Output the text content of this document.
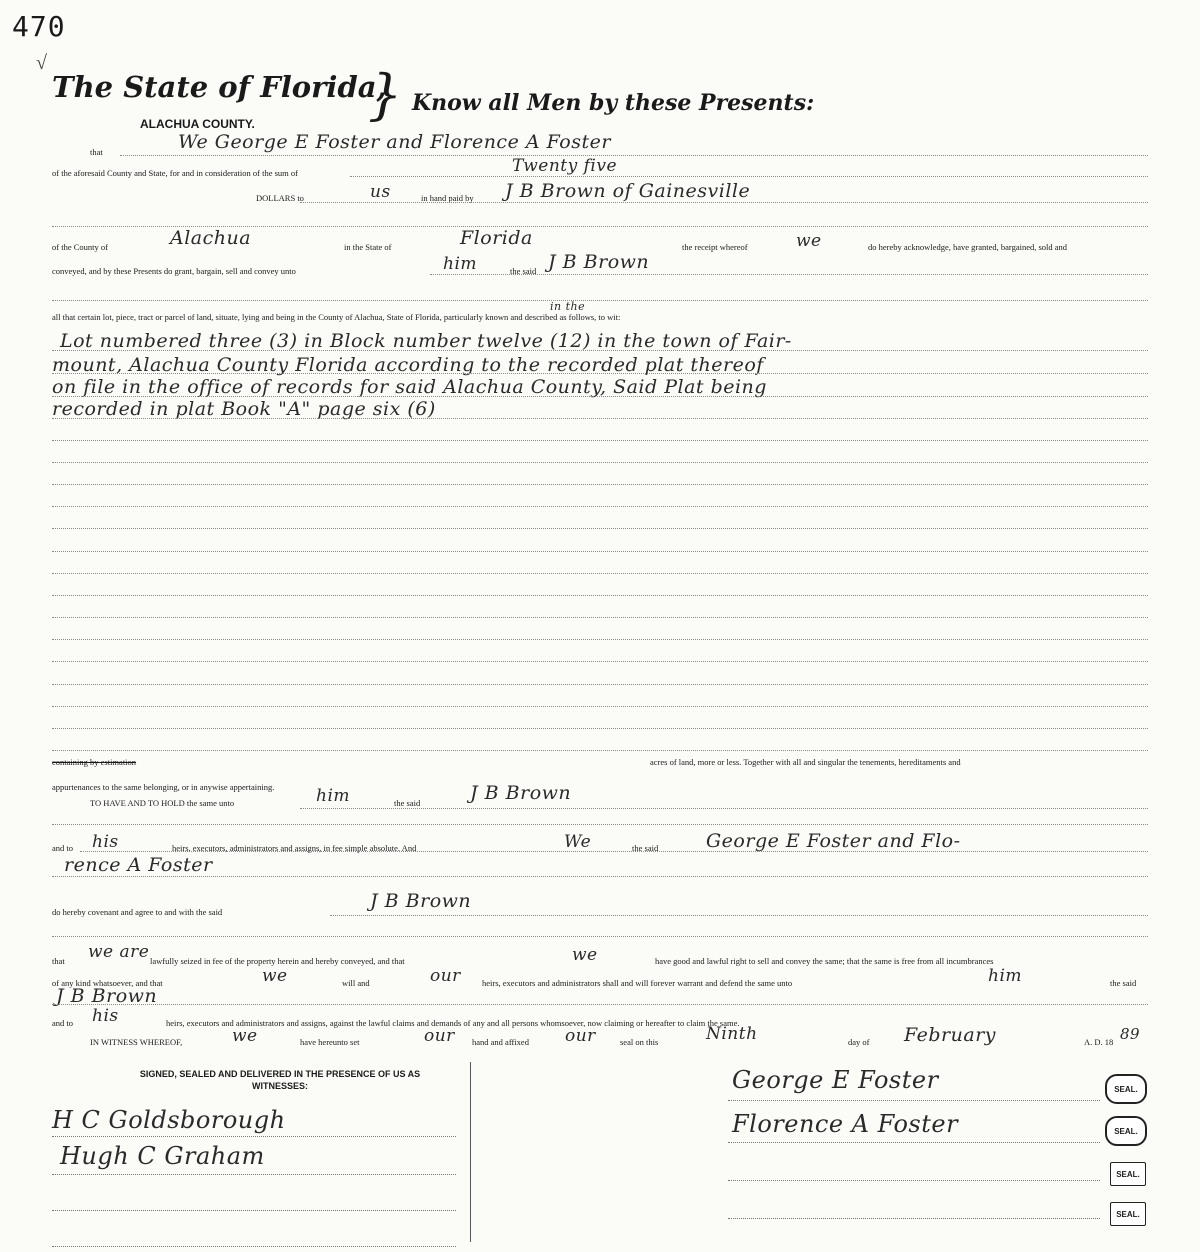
470
√
The State of Florida,
} Know all Men by these Presents:
ALACHUA COUNTY.
that	We George E Foster and Florence A Foster
of the aforesaid County and State, for and in consideration of the sum of	Twenty five
DOLLARS to	us	in hand paid by J B Brown of Gainesville
of the County of	Alachua	in the State of	Florida	the receipt whereof	we	do hereby acknowledge, have granted, bargained, sold and
conveyed, and by these Presents do grant, bargain, sell and convey unto	him	the said J B Brown
in the
all that certain lot, piece, tract or parcel of land, situate, lying and being in the County of Alachua, State of Florida, particularly known and described as follows, to wit:
Lot numbered three (3) in Block number twelve (12) in the town of Fair-
mount, Alachua County Florida according to the recorded plat thereof
on file in the office of records for said Alachua County, Said Plat being
recorded in plat Book "A" page six (6)
containing by estimation	acres of land, more or less. Together with all and singular the tenements, hereditaments and
appurtenances to the same belonging, or in anywise appertaining.
TO HAVE AND TO HOLD the same unto	him	the said	J B Brown
and to his	heirs, executors, administrators and assigns, in fee simple absolute. And	We	the said	George E Foster and Flo-
rence A Foster
do hereby covenant and agree to and with the said	J B Brown
that we are lawfully seized in fee of the property herein and hereby conveyed, and that	we	have good and lawful right to sell and convey the same; that the same is free from all incumbrances
of any kind whatsoever, and that	we	will and	our heirs, executors and administrators shall and will forever warrant and defend the same unto	him	the said
J B Brown
and to his	heirs, executors and administrators and assigns, against the lawful claims and demands of any and all persons whomsoever, now claiming or hereafter to claim the same.
IN WITNESS WHEREOF,	we	have hereunto set	our hand and affixed our	seal on this	Ninth	day of February	A. D. 18 89
SIGNED, SEALED AND DELIVERED IN THE PRESENCE OF US AS WITNESSES:
H C Goldsborough
Hugh C Graham
George E Foster
Florence A Foster
SEAL.
SEAL.
SEAL.
SEAL.
